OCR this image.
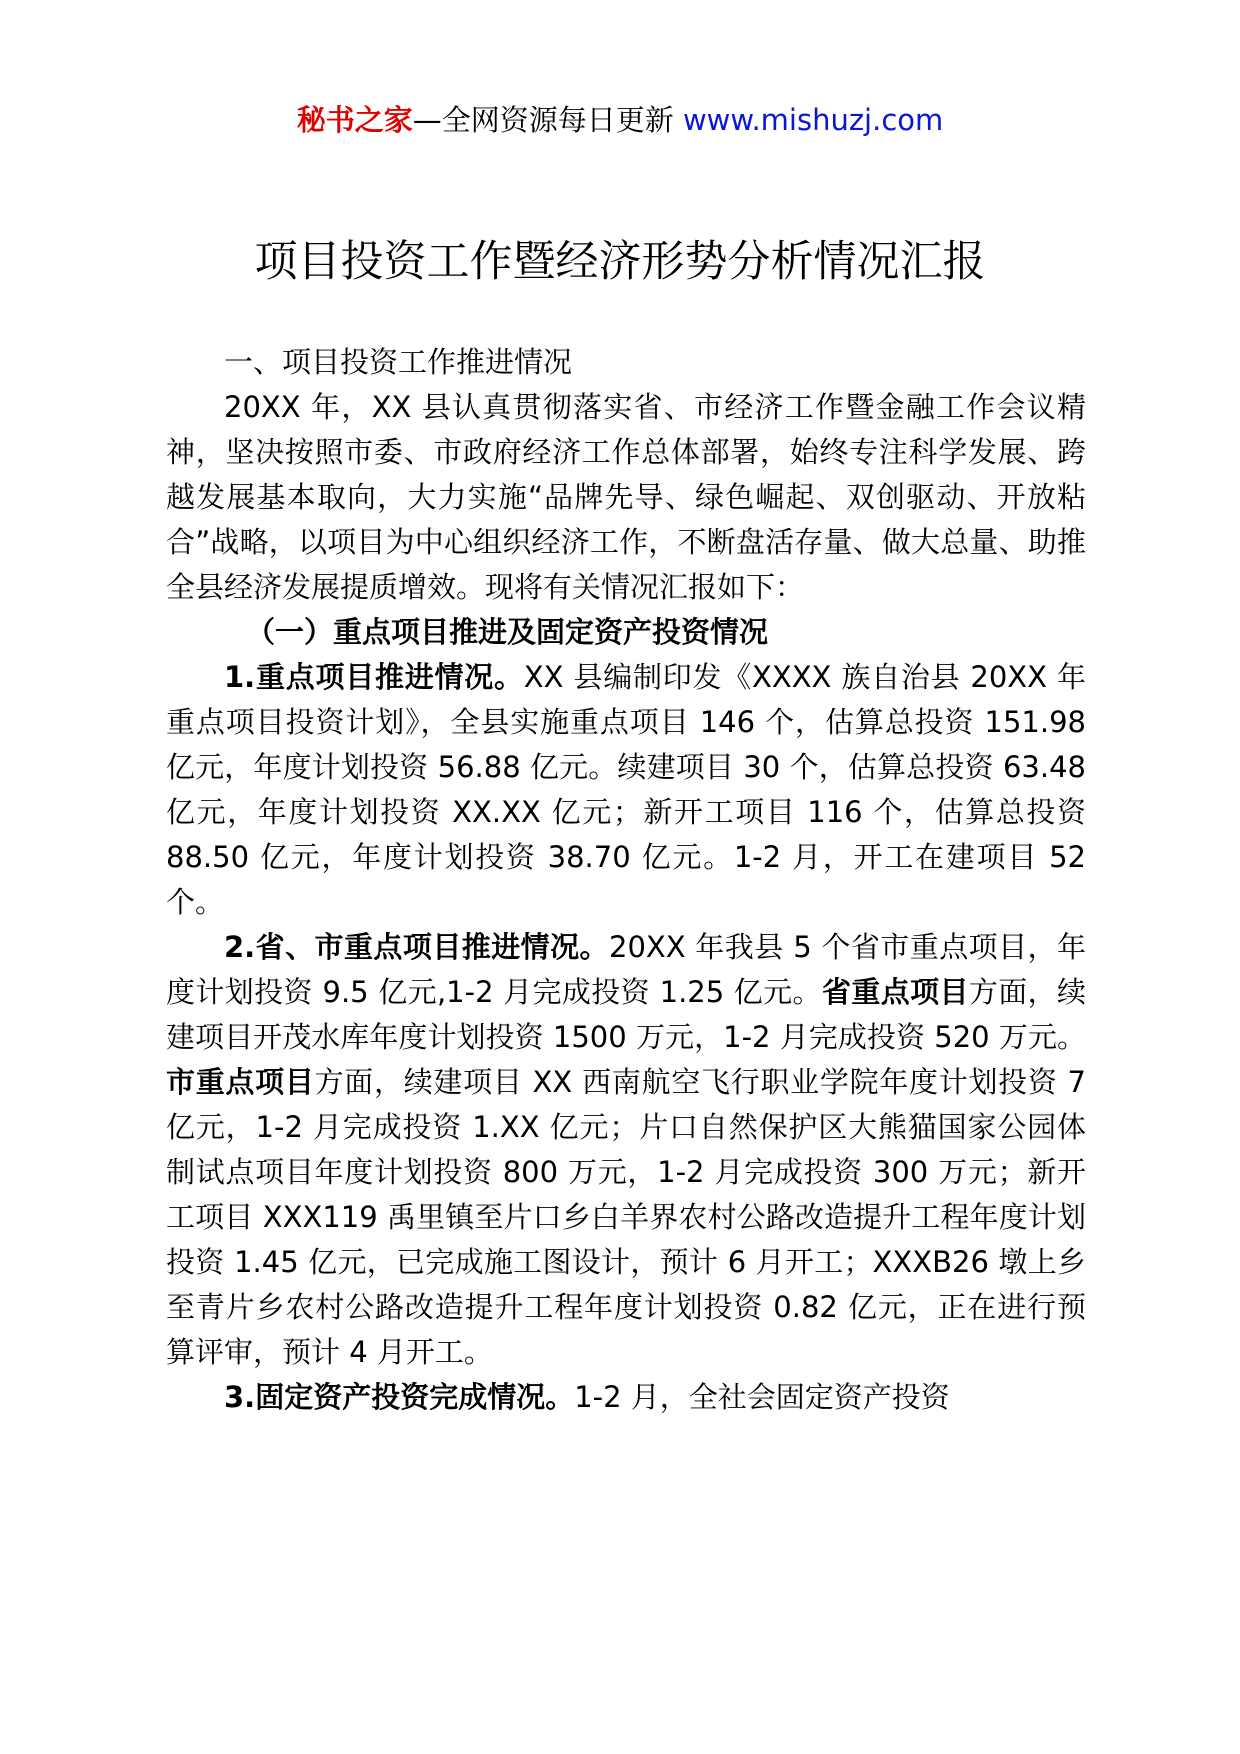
秘书之家—全网资源每日更新 www.mishuzj.com
项目投资工作暨经济形势分析情况汇报

一、项目投资工作推进情况

20XX 年，XX 县认真贯彻落实省、市经济工作暨金融工作会议精神，坚决按照市委、市政府经济工作总体部署，始终专注科学发展、跨越发展基本取向，大力实施“品牌先导、绿色崛起、双创驱动、开放粘合”战略，以项目为中心组织经济工作，不断盘活存量、做大总量、助推全县经济发展提质增效。现将有关情况汇报如下：

（一）重点项目推进及固定资产投资情况

1.重点项目推进情况。XX 县编制印发《XXXX 族自治县 20XX 年重点项目投资计划》，全县实施重点项目 146 个，估算总投资 151.98 亿元，年度计划投资 56.88 亿元。续建项目 30 个，估算总投资 63.48 亿元，年度计划投资 XX.XX 亿元；新开工项目 116 个，估算总投资 88.50 亿元，年度计划投资 38.70 亿元。1-2 月，开工在建项目 52 个。

2.省、市重点项目推进情况。20XX 年我县 5 个省市重点项目，年度计划投资 9.5 亿元,1-2 月完成投资 1.25 亿元。省重点项目方面，续建项目开茂水库年度计划投资 1500 万元，1-2 月完成投资 520 万元。市重点项目方面，续建项目 XX 西南航空飞行职业学院年度计划投资 7 亿元，1-2 月完成投资 1.XX 亿元；片口自然保护区大熊猫国家公园体制试点项目年度计划投资 800 万元，1-2 月完成投资 300 万元；新开工项目 XXX119 禹里镇至片口乡白羊界农村公路改造提升工程年度计划投资 1.45 亿元，已完成施工图设计，预计 6 月开工；XXXB26 墩上乡至青片乡农村公路改造提升工程年度计划投资 0.82 亿元，正在进行预算评审，预计 4 月开工。

3.固定资产投资完成情况。1-2 月，全社会固定资产投资
